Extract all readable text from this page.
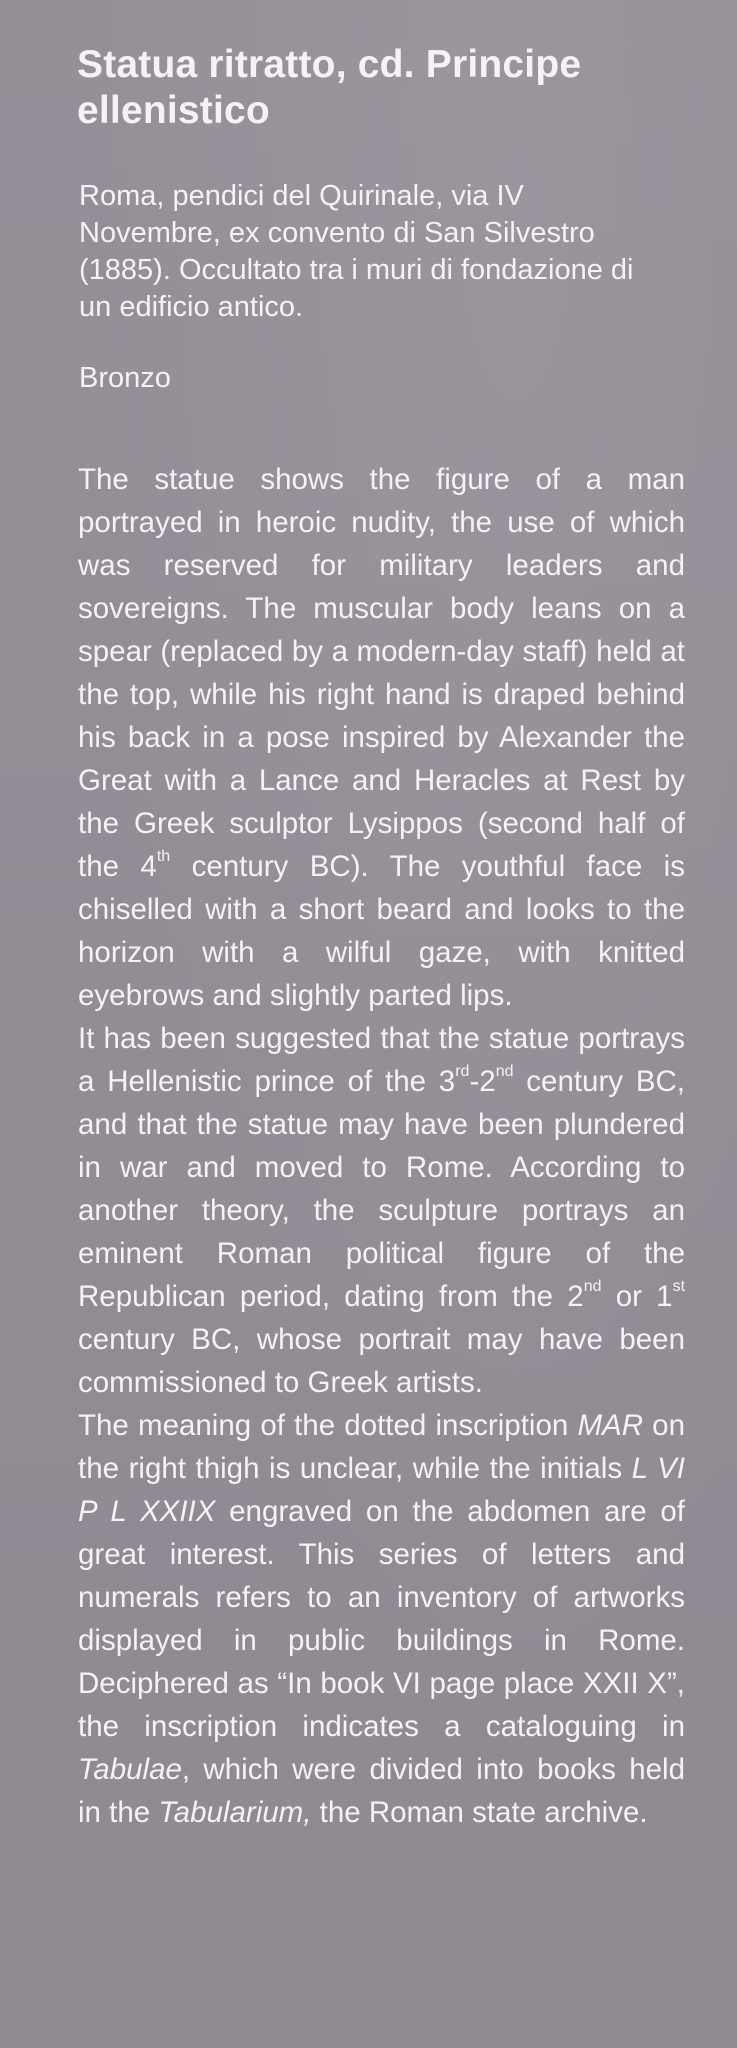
Statua ritratto, cd. Principe ellenistico
Roma, pendici del Quirinale, via IV Novembre, ex convento di San Silvestro (1885). Occultato tra i muri di fondazione di un edificio antico.
Bronzo

The statue shows the figure of a man portrayed in heroic nudity, the use of which was reserved for military leaders and sovereigns. The muscular body leans on a spear (replaced by a modern-day staff) held at the top, while his right hand is draped behind his back in a pose inspired by Alexander the Great with a Lance and Heracles at Rest by the Greek sculptor Lysippos (second half of the 4th century BC). The youthful face is chiselled with a short beard and looks to the horizon with a wilful gaze, with knitted eyebrows and slightly parted lips.

It has been suggested that the statue portrays a Hellenistic prince of the 3rd-2nd century BC, and that the statue may have been plundered in war and moved to Rome. According to another theory, the sculpture portrays an eminent Roman political figure of the Republican period, dating from the 2nd or 1st century BC, whose portrait may have been commissioned to Greek artists.

The meaning of the dotted inscription MAR on the right thigh is unclear, while the initials L VI P L XXIIX engraved on the abdomen are of great interest. This series of letters and numerals refers to an inventory of artworks displayed in public buildings in Rome. Deciphered as “In book VI page place XXII X”, the inscription indicates a cataloguing in Tabulae, which were divided into books held in the Tabularium, the Roman state archive.
